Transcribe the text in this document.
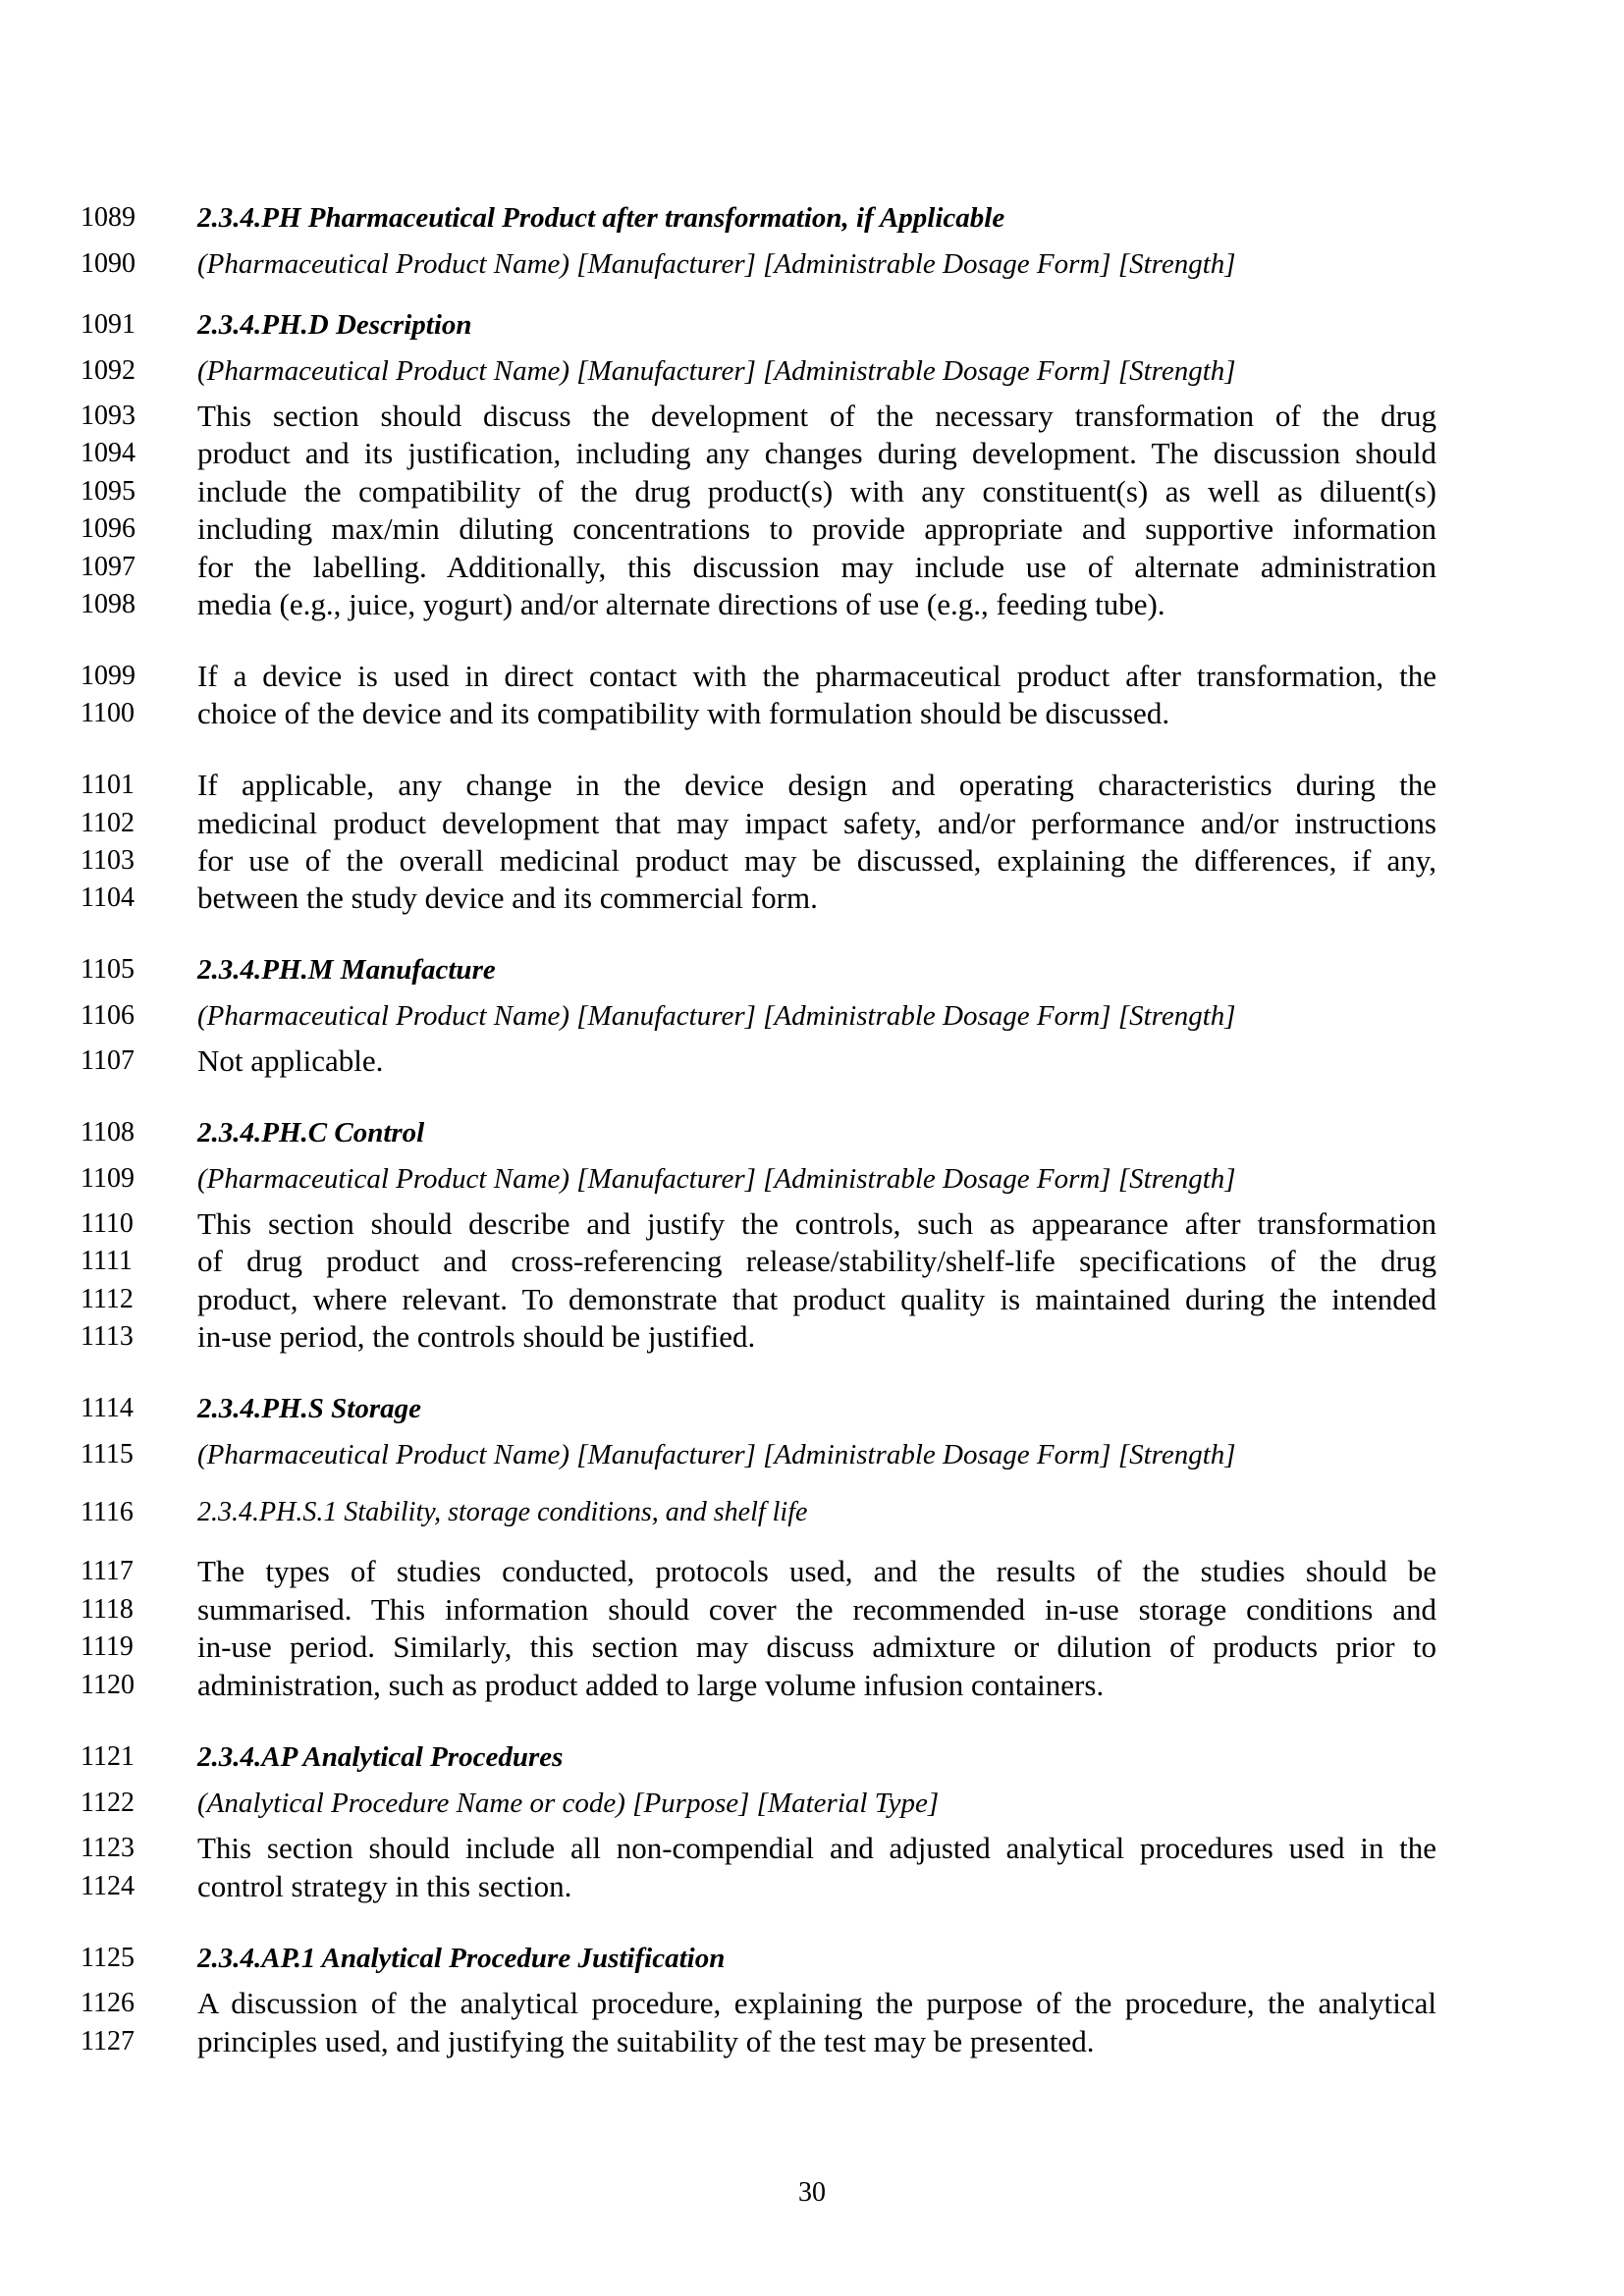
1089	2.3.4.PH Pharmaceutical Product after transformation, if Applicable
1090	(Pharmaceutical Product Name) [Manufacturer] [Administrable Dosage Form] [Strength]
1091	2.3.4.PH.D Description
1092	(Pharmaceutical Product Name) [Manufacturer] [Administrable Dosage Form] [Strength]
1093	This section should discuss the development of the necessary transformation of the drug
1094	product and its justification, including any changes during development. The discussion should
1095	include the compatibility of the drug product(s) with any constituent(s) as well as diluent(s)
1096	including max/min diluting concentrations to provide appropriate and supportive information
1097	for the labelling. Additionally, this discussion may include use of alternate administration
1098	media (e.g., juice, yogurt) and/or alternate directions of use (e.g., feeding tube).
1099	If a device is used in direct contact with the pharmaceutical product after transformation, the
1100	choice of the device and its compatibility with formulation should be discussed.
1101	If applicable, any change in the device design and operating characteristics during the
1102	medicinal product development that may impact safety, and/or performance and/or instructions
1103	for use of the overall medicinal product may be discussed, explaining the differences, if any,
1104	between the study device and its commercial form.
1105	2.3.4.PH.M Manufacture
1106	(Pharmaceutical Product Name) [Manufacturer] [Administrable Dosage Form] [Strength]
1107	Not applicable.
1108	2.3.4.PH.C Control
1109	(Pharmaceutical Product Name) [Manufacturer] [Administrable Dosage Form] [Strength]
1110	This section should describe and justify the controls, such as appearance after transformation
1111	of drug product and cross-referencing release/stability/shelf-life specifications of the drug
1112	product, where relevant. To demonstrate that product quality is maintained during the intended
1113	in-use period, the controls should be justified.
1114	2.3.4.PH.S Storage
1115	(Pharmaceutical Product Name) [Manufacturer] [Administrable Dosage Form] [Strength]
1116	2.3.4.PH.S.1 Stability, storage conditions, and shelf life
1117	The types of studies conducted, protocols used, and the results of the studies should be
1118	summarised. This information should cover the recommended in-use storage conditions and
1119	in-use period. Similarly, this section may discuss admixture or dilution of products prior to
1120	administration, such as product added to large volume infusion containers.
1121	2.3.4.AP Analytical Procedures
1122	(Analytical Procedure Name or code) [Purpose] [Material Type]
1123	This section should include all non-compendial and adjusted analytical procedures used in the
1124	control strategy in this section.
1125	2.3.4.AP.1 Analytical Procedure Justification
1126	A discussion of the analytical procedure, explaining the purpose of the procedure, the analytical
1127	principles used, and justifying the suitability of the test may be presented.
30
